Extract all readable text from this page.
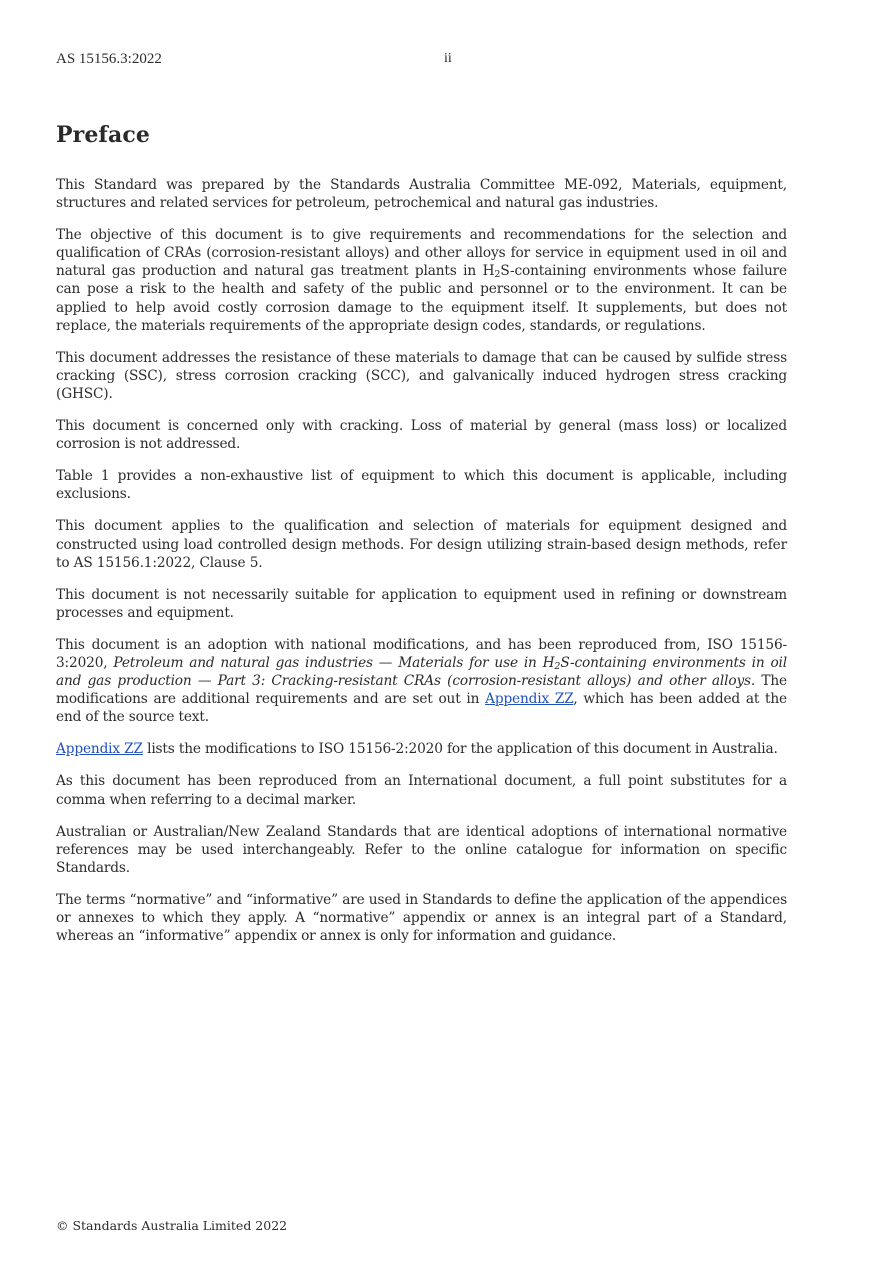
AS 15156.3:2022	ii
Preface

This Standard was prepared by the Standards Australia Committee ME-092, Materials, equipment, structures and related services for petroleum, petrochemical and natural gas industries.

The objective of this document is to give requirements and recommendations for the selection and qualification of CRAs (corrosion-resistant alloys) and other alloys for service in equipment used in oil and natural gas production and natural gas treatment plants in $H_2S$-containing environments whose failure can pose a risk to the health and safety of the public and personnel or to the environment. It can be applied to help avoid costly corrosion damage to the equipment itself. It supplements, but does not replace, the materials requirements of the appropriate design codes, standards, or regulations.

This document addresses the resistance of these materials to damage that can be caused by sulfide stress cracking (SSC), stress corrosion cracking (SCC), and galvanically induced hydrogen stress cracking (GHSC).

This document is concerned only with cracking. Loss of material by general (mass loss) or localized corrosion is not addressed.

Table 1 provides a non-exhaustive list of equipment to which this document is applicable, including exclusions.

This document applies to the qualification and selection of materials for equipment designed and constructed using load controlled design methods. For design utilizing strain-based design methods, refer to AS 15156.1:2022, Clause 5.

This document is not necessarily suitable for application to equipment used in refining or downstream processes and equipment.

This document is an adoption with national modifications, and has been reproduced from, ISO 15156-3:2020, Petroleum and natural gas industries — Materials for use in $H_2S$-containing environments in oil and gas production — Part 3: Cracking-resistant CRAs (corrosion-resistant alloys) and other alloys. The modifications are additional requirements and are set out in Appendix ZZ, which has been added at the end of the source text.

Appendix ZZ lists the modifications to ISO 15156-2:2020 for the application of this document in Australia.

As this document has been reproduced from an International document, a full point substitutes for a comma when referring to a decimal marker.

Australian or Australian/New Zealand Standards that are identical adoptions of international normative references may be used interchangeably. Refer to the online catalogue for information on specific Standards.

The terms “normative” and “informative” are used in Standards to define the application of the appendices or annexes to which they apply. A “normative” appendix or annex is an integral part of a Standard, whereas an “informative” appendix or annex is only for information and guidance.

© Standards Australia Limited 2022
